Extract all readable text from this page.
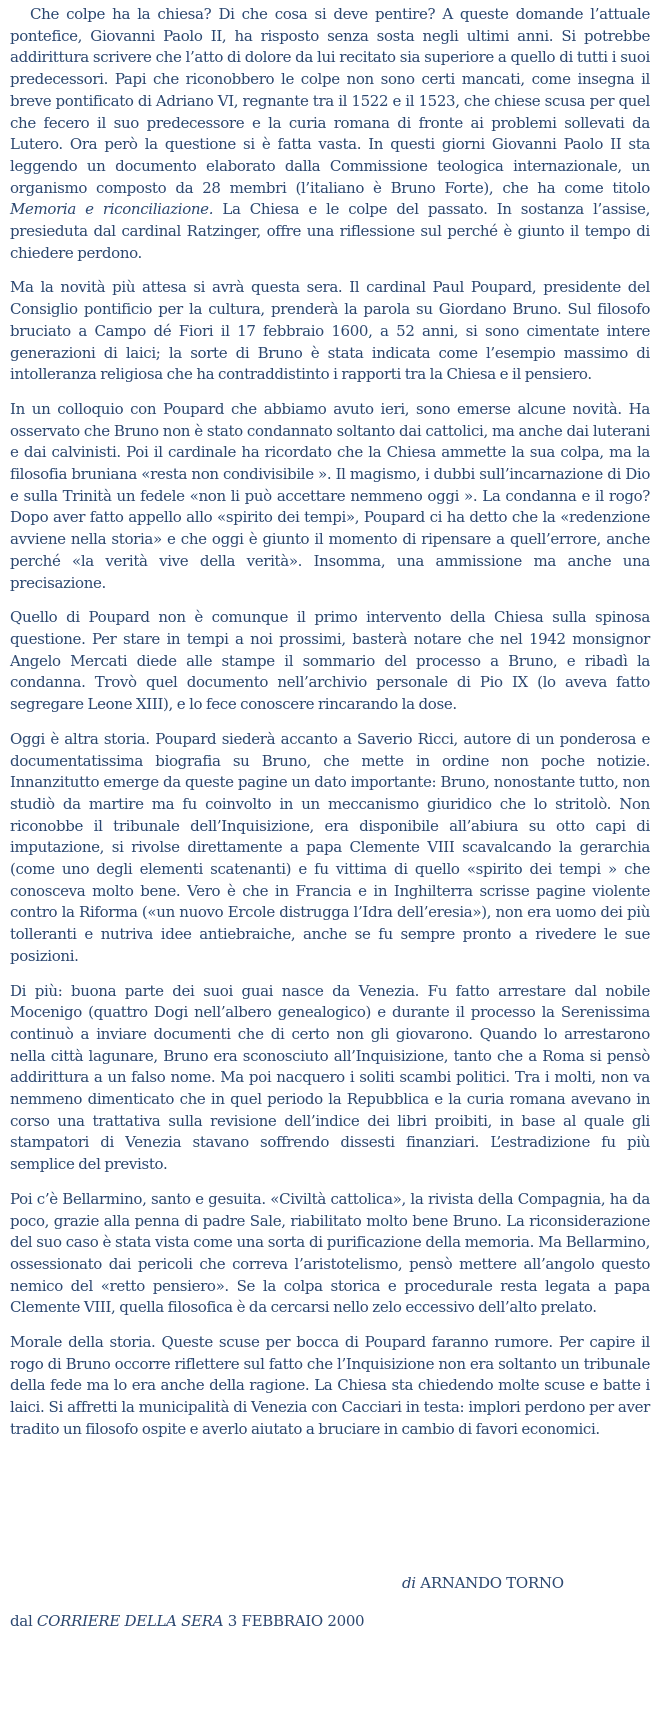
Che colpe ha la chiesa? Di che cosa si deve pentire? A queste domande l’attuale pontefice, Giovanni Paolo II, ha risposto senza sosta negli ultimi anni. Si potrebbe addirittura scrivere che l’atto di dolore da lui recitato sia superiore a quello di tutti i suoi predecessori. Papi che riconobbero le colpe non sono certi mancati, come insegna il breve pontificato di Adriano VI, regnante tra il 1522 e il 1523, che chiese scusa per quel che fecero il suo predecessore e la curia romana di fronte ai problemi sollevati da Lutero. Ora però la questione si è fatta vasta. In questi giorni Giovanni Paolo II sta leggendo un documento elaborato dalla Commissione teologica internazionale, un organismo composto da 28 membri (l’italiano è Bruno Forte), che ha come titolo Memoria e riconciliazione. La Chiesa e le colpe del passato. In sostanza l’assise, presieduta dal cardinal Ratzinger, offre una riflessione sul perché è giunto il tempo di chiedere perdono.

Ma la novità più attesa si avrà questa sera. Il cardinal Paul Poupard, presidente del Consiglio pontificio per la cultura, prenderà la parola su Giordano Bruno. Sul filosofo bruciato a Campo dé Fiori il 17 febbraio 1600, a 52 anni, si sono cimentate intere generazioni di laici; la sorte di Bruno è stata indicata come l’esempio massimo di intolleranza religiosa che ha contraddistinto i rapporti tra la Chiesa e il pensiero.

In un colloquio con Poupard che abbiamo avuto ieri, sono emerse alcune novità. Ha osservato che Bruno non è stato condannato soltanto dai cattolici, ma anche dai luterani e dai calvinisti. Poi il cardinale ha ricordato che la Chiesa ammette la sua colpa, ma la filosofia bruniana «resta non condivisibile ». Il magismo, i dubbi sull’incarnazione di Dio e sulla Trinità un fedele «non li può accettare nemmeno oggi ». La condanna e il rogo? Dopo aver fatto appello allo «spirito dei tempi», Poupard ci ha detto che la «redenzione avviene nella storia» e che oggi è giunto il momento di ripensare a quell’errore, anche perché «la verità vive della verità». Insomma, una ammissione ma anche una precisazione.

Quello di Poupard non è comunque il primo intervento della Chiesa sulla spinosa questione. Per stare in tempi a noi prossimi, basterà notare che nel 1942 monsignor Angelo Mercati diede alle stampe il sommario del processo a Bruno, e ribadì la condanna. Trovò quel documento nell’archivio personale di Pio IX (lo aveva fatto segregare Leone XIII), e lo fece conoscere rincarando la dose.

Oggi è altra storia. Poupard siederà accanto a Saverio Ricci, autore di un ponderosa e documentatissima biografia su Bruno, che mette in ordine non poche notizie. Innanzitutto emerge da queste pagine un dato importante: Bruno, nonostante tutto, non studiò da martire ma fu coinvolto in un meccanismo giuridico che lo stritolò. Non riconobbe il tribunale dell’Inquisizione, era disponibile all’abiura su otto capi di imputazione, si rivolse direttamente a papa Clemente VIII scavalcando la gerarchia (come uno degli elementi scatenanti) e fu vittima di quello «spirito dei tempi » che conosceva molto bene. Vero è che in Francia e in Inghilterra scrisse pagine violente contro la Riforma («un nuovo Ercole distrugga l’Idra dell’eresia»), non era uomo dei più tolleranti e nutriva idee antiebraiche, anche se fu sempre pronto a rivedere le sue posizioni.

Di più: buona parte dei suoi guai nasce da Venezia. Fu fatto arrestare dal nobile Mocenigo (quattro Dogi nell’albero genealogico) e durante il processo la Serenissima continuò a inviare documenti che di certo non gli giovarono. Quando lo arrestarono nella città lagunare, Bruno era sconosciuto all’Inquisizione, tanto che a Roma si pensò addirittura a un falso nome. Ma poi nacquero i soliti scambi politici. Tra i molti, non va nemmeno dimenticato che in quel periodo la Repubblica e la curia romana avevano in corso una trattativa sulla revisione dell’indice dei libri proibiti, in base al quale gli stampatori di Venezia stavano soffrendo dissesti finanziari. L’estradizione fu più semplice del previsto.

Poi c’è Bellarmino, santo e gesuita. «Civiltà cattolica», la rivista della Compagnia, ha da poco, grazie alla penna di padre Sale, riabilitato molto bene Bruno. La riconsiderazione del suo caso è stata vista come una sorta di purificazione della memoria. Ma Bellarmino, ossessionato dai pericoli che correva l’aristotelismo, pensò mettere all’angolo questo nemico del «retto pensiero». Se la colpa storica e procedurale resta legata a papa Clemente VIII, quella filosofica è da cercarsi nello zelo eccessivo dell’alto prelato.

Morale della storia. Queste scuse per bocca di Poupard faranno rumore. Per capire il rogo di Bruno occorre riflettere sul fatto che l’Inquisizione non era soltanto un tribunale della fede ma lo era anche della ragione. La Chiesa sta chiedendo molte scuse e batte i laici. Si affretti la municipalità di Venezia con Cacciari in testa: implori perdono per aver tradito un filosofo ospite e averlo aiutato a bruciare in cambio di favori economici.

di ARNANDO TORNO
dal CORRIERE DELLA SERA 3 FEBBRAIO 2000
